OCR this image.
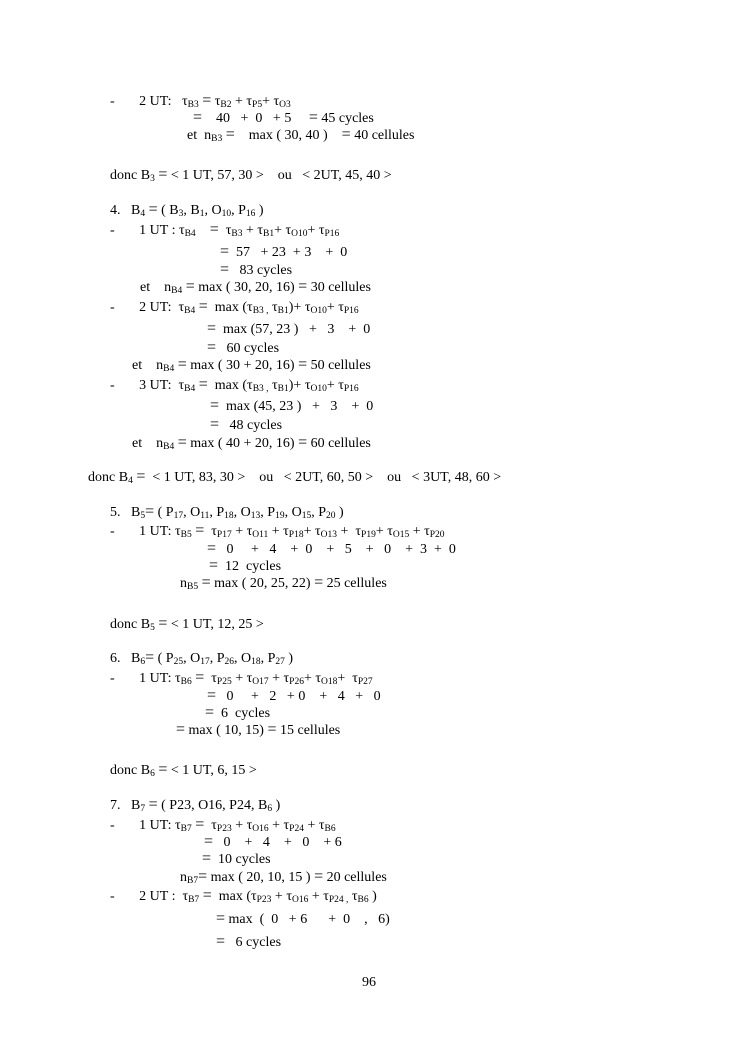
-       2 UT:   $\tau_{B3} = \tau_{B2} + \tau_{P5}+ \tau_{O3}$
=    40   +  0   + 5     = 45 cycles
et  $n_{B3}$ =    max ( 30, 40 )    = 40 cellules
donc $B_3$ = < 1 UT, 57, 30 >    ou   < 2UT, 45, 40 >
4.   $B_4$ = ( $B_3$, $B_1$, $O_{10}$, $P_{16}$ )
-       1 UT : $\tau_{B4} = \tau_{B3} + \tau_{B1}+ \tau_{O10}+ \tau_{P16}$
=  57   + 23  + 3    +  0
=   83 cycles
et    $n_{B4} = \max$ ( 30, 20, 16) = 30 cellules
-       2 UT:  $\tau_{B4} = \max (\tau_{B3 ,}$ $\tau_{B1})+ \tau_{O10}+ \tau_{P16}$
=  max (57, 23 )   +   3    +  0
=   60 cycles
et    $n_{B4} = \max$ ( 30 + 20, 16) = 50 cellules
-       3 UT:  $\tau_{B4} = \max (\tau_{B3 ,}$ $\tau_{B1})+ \tau_{O10}+ \tau_{P16}$
=  max (45, 23 )   +   3    +  0
=   48 cycles
et    $n_{B4} = \max$ ( 40 + 20, 16) = 60 cellules
donc $B_4$ =  < 1 UT, 83, 30 >    ou   < 2UT, 60, 50 >    ou   < 3UT, 48, 60 >
5.   $B_5=$ ( $P_{17}$, $O_{11}$, $P_{18}$, $O_{13}$, $P_{19}$, $O_{15}$, $P_{20}$ )
-       1 UT: $\tau_{B5} = \tau_{P17} + \tau_{O11} + \tau_{P18}+ \tau_{O13} + \tau_{P19}+ \tau_{O15} + \tau_{P20}$
=   0     +   4    +  0    +   5    +   0    +  3  +  0
=  12  cycles
$n_{B5} = \max$ ( 20, 25, 22) = 25 cellules
donc $B_5$ = < 1 UT, 12, 25 >
6.   $B_6=$ ( $P_{25}$, $O_{17}$, $P_{26}$, $O_{18}$, $P_{27}$ )
-       1 UT: $\tau_{B6} = \tau_{P25} + \tau_{O17} + \tau_{P26}+ \tau_{O18}+ \tau_{P27}$
=   0     +   2   + 0    +   4   +   0
=  6  cycles
= max ( 10, 15) = 15 cellules
donc $B_6$ = < 1 UT, 6, 15 >
7.   $B_7$ = ( P23, O16, P24, $B_6$ )
-       1 UT: $\tau_{B7} = \tau_{P23} + \tau_{O16} + \tau_{P24} + \tau_{B6}$
=   0    +   4    +   0    + 6
=  10 cycles
$n_{B7}= \max$ ( 20, 10, 15 ) = 20 cellules
-       2 UT :  $\tau_{B7} = \max (\tau_{P23} + \tau_{O16} + \tau_{P24 ,}$ $\tau_{B6}$ )
= max  (  0   + 6      +  0    ,   6)
=   6 cycles
96
